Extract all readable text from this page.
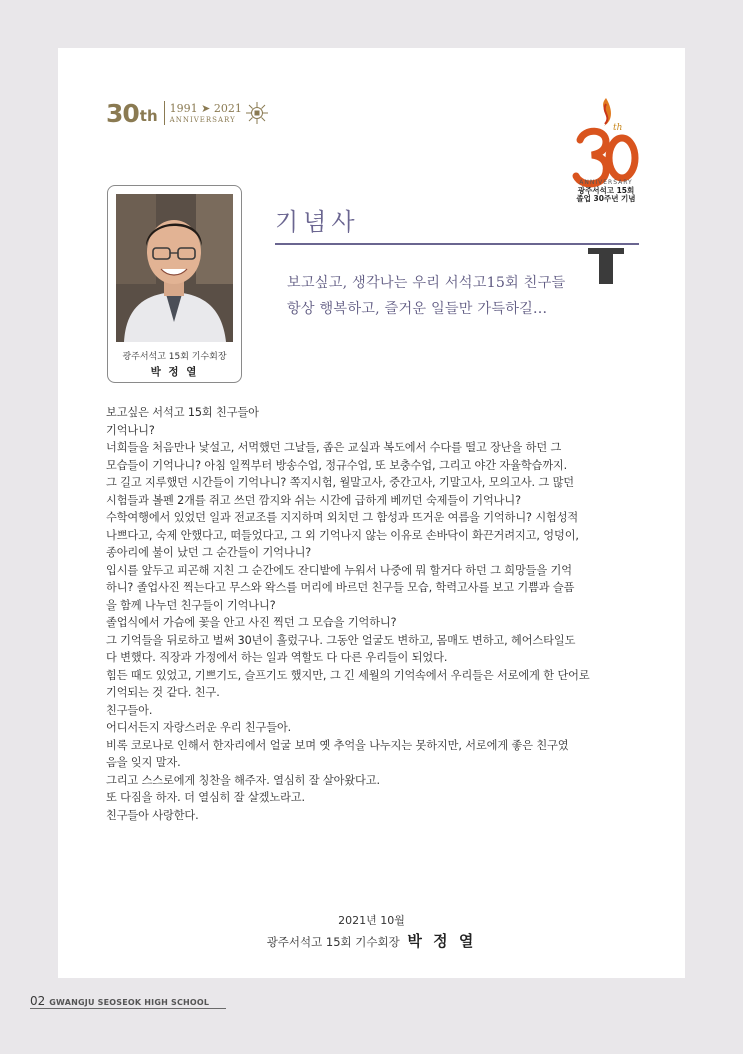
30 th 1991 ➤ 2021
ANNIVERSARY
th
ANNIVERSARY
광주서석고 15회
졸업 30주년 기념
광주서석고 15회 기수회장
박 정 열
기념사
보고싶고, 생각나는 우리 서석고15회 친구들
항상 행복하고, 즐거운 일들만 가득하길...

보고싶은 서석고 15회 친구들아

기억나니?

너희들을 처음만나 낯설고, 서먹했던 그날들, 좁은 교실과 복도에서 수다를 떨고 장난을 하던 그

모습들이 기억나니? 아침 일찍부터 방송수업, 정규수업, 또 보충수업, 그리고 야간 자율학습까지.

그 길고 지루했던 시간들이 기억나니? 쪽지시험, 월말고사, 중간고사, 기말고사, 모의고사. 그 많던

시험들과 볼펜 2개를 쥐고 쓰던 깜지와 쉬는 시간에 급하게 베끼던 숙제들이 기억나니?

수학여행에서 있었던 일과 전교조를 지지하며 외치던 그 함성과 뜨거운 여름을 기억하니? 시험성적

나쁘다고, 숙제 안했다고, 떠들었다고, 그 외 기억나지 않는 이유로 손바닥이 화끈거려지고, 엉덩이,

종아리에 불이 났던 그 순간들이 기억나니?

입시를 앞두고 피곤해 지친 그 순간에도 잔디밭에 누워서 나중에 뭐 할거다 하던 그 희망들을 기억

하니? 졸업사진 찍는다고 무스와 왁스를 머리에 바르던 친구들 모습, 학력고사를 보고 기쁨과 슬픔

을 함께 나누던 친구들이 기억나니?

졸업식에서 가슴에 꽃을 안고 사진 찍던 그 모습을 기억하니?

그 기억들을 뒤로하고 벌써 30년이 흘렀구나. 그동안 얼굴도 변하고, 몸매도 변하고, 헤어스타일도

다 변했다. 직장과 가정에서 하는 일과 역할도 다 다른 우리들이 되었다.

힘든 때도 있었고, 기쁘기도, 슬프기도 했지만, 그 긴 세월의 기억속에서 우리들은 서로에게 한 단어로

기억되는 것 같다. 친구.

친구들아.

어디서든지 자랑스러운 우리 친구들아.

비록 코로나로 인해서 한자리에서 얼굴 보며 옛 추억을 나누지는 못하지만, 서로에게 좋은 친구였

음을 잊지 말자.

그리고 스스로에게 칭찬을 해주자. 열심히 잘 살아왔다고.

또 다짐을 하자. 더 열심히 잘 살겠노라고.

친구들아 사랑한다.

2021년 10월
광주서석고 15회 기수회장 박 정 열
02 GWANGJU SEOSEOK HIGH SCHOOL
